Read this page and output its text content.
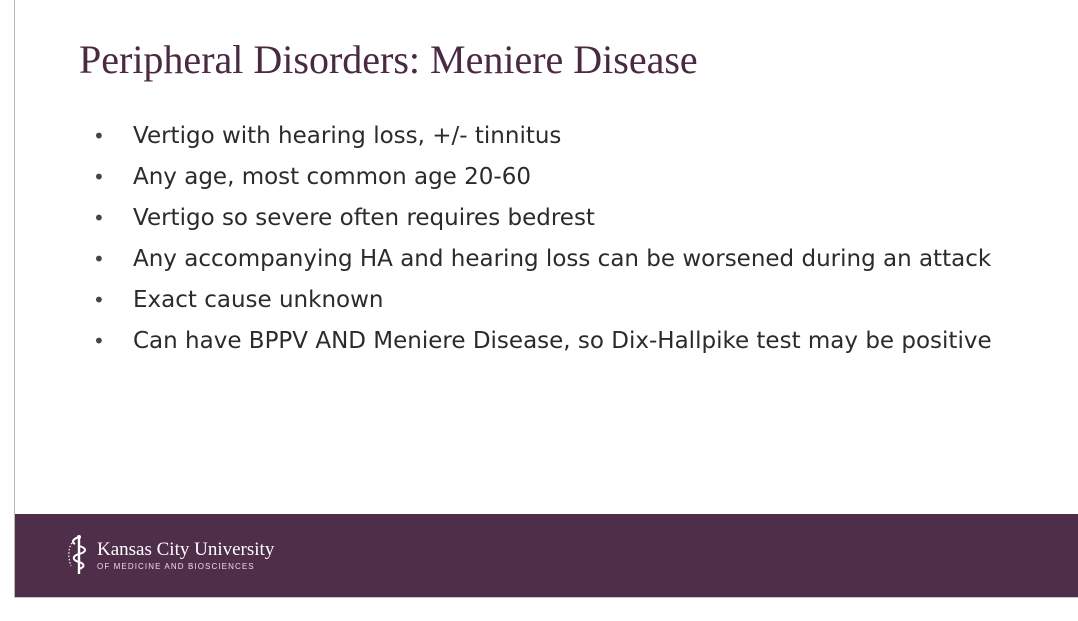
Peripheral Disorders: Meniere Disease
• Vertigo with hearing loss, +/- tinnitus
• Any age, most common age 20-60
• Vertigo so severe often requires bedrest
• Any accompanying HA and hearing loss can be worsened during an attack
• Exact cause unknown
• Can have BPPV AND Meniere Disease, so Dix-Hallpike test may be positive
Kansas City University
OF MEDICINE AND BIOSCIENCES
